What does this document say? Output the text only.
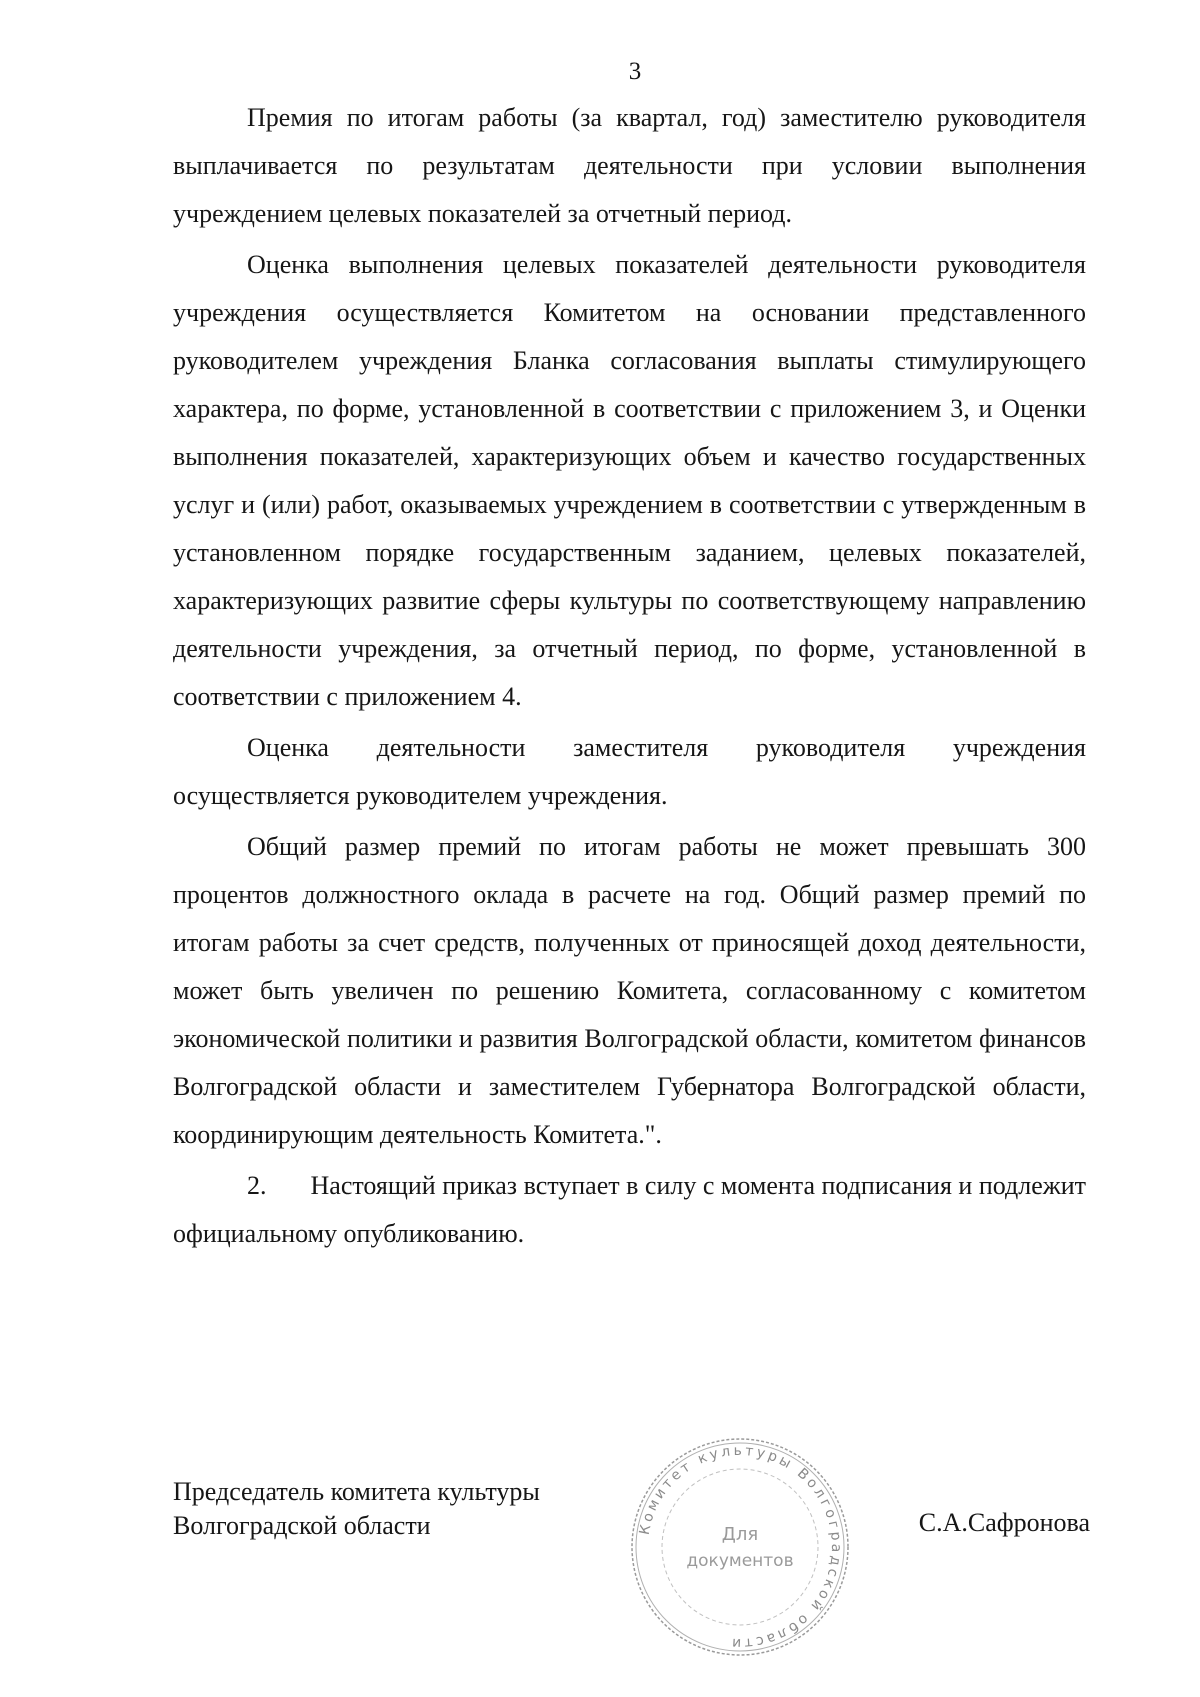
3

Премия по итогам работы (за квартал, год) заместителю руководителя выплачивается по результатам деятельности при условии выполнения учреждением целевых показателей за отчетный период.

Оценка выполнения целевых показателей деятельности руководителя учреждения осуществляется Комитетом на основании представленного руководителем учреждения Бланка согласования выплаты стимулирующего характера, по форме, установленной в соответствии с приложением 3, и Оценки выполнения показателей, характеризующих объем и качество государственных услуг и (или) работ, оказываемых учреждением в соответствии с утвержденным в установленном порядке государственным заданием, целевых показателей, характеризующих развитие сферы культуры по соответствующему направлению деятельности учреждения, за отчетный период, по форме, установленной в соответствии с приложением 4.

Оценка деятельности заместителя руководителя учреждения осуществляется руководителем учреждения.

Общий размер премий по итогам работы не может превышать 300 процентов должностного оклада в расчете на год. Общий размер премий по итогам работы за счет средств, полученных от приносящей доход деятельности, может быть увеличен по решению Комитета, согласованному с комитетом экономической политики и развития Волгоградской области, комитетом финансов Волгоградской области и заместителем Губернатора Волгоградской области, координирующим деятельность Комитета.".

2. Настоящий приказ вступает в силу с момента подписания и подлежит официальному опубликованию.

Председатель комитета культуры
Волгоградской области	Комитет культуры Волгоградской области
Для
документов
С.А.Сафронова
